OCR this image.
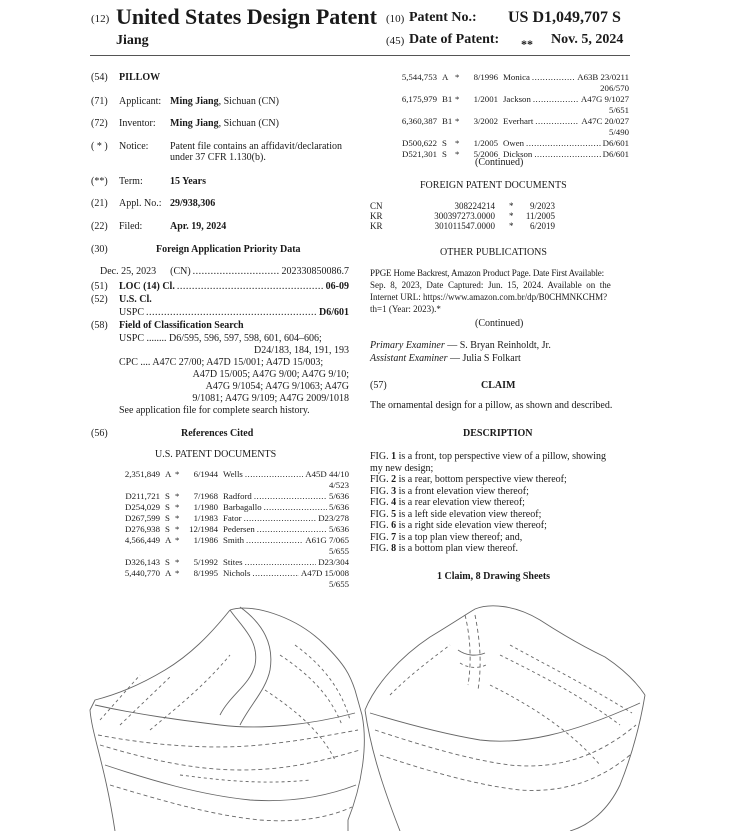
(12) United States Design Patent (10) Patent No.: US D1,049,707 S
Jiang	(45) Date of Patent: ** Nov. 5, 2024
(54) PILLOW
(71) Applicant: Ming Jiang, Sichuan (CN)
(72) Inventor: Ming Jiang, Sichuan (CN)
( * ) Notice: Patent file contains an affidavit/declaration
under 37 CFR 1.130(b).
(**) Term:	15 Years
(21) Appl. No.: 29/938,306
(22) Filed:	Apr. 19, 2024
(30)	Foreign Application Priority Data
Dec. 25, 2023 (CN) .....	202330850086.7
(51) LOC (14) Cl. .....	06-09
(52) U.S. Cl.
USPC .....	D6/601
(58) Field of Classification Search
USPC ........ D6/595, 596, 597, 598, 601, 604–606;
D24/183, 184, 191, 193
CPC .... A47C 27/00; A47D 15/001; A47D 15/003;
A47D 15/005; A47G 9/00; A47G 9/10;
A47G 9/1054; A47G 9/1063; A47G
9/1081; A47G 9/109; A47G 2009/1018
See application file for complete search history.
(56)	References Cited
U.S. PATENT DOCUMENTS
2,351,849 A *	6/1944 Wells .....	A45D 44/10
4/523
D211,721 S *	7/1968 Radford .....	5/636
D254,029 S *	1/1980 Barbagallo .....	5/636
D267,599 S *	1/1983 Fator .....	D23/278
D276,938 S *	12/1984 Pedersen .....	5/636
4,566,449 A *	1/1986 Smith .....	A61G 7/065
5/655
D326,143 S *	5/1992 Stites .....	D23/304
5,440,770 A *	8/1995 Nichols .....	A47D 15/008
5/655
5,544,753 A *	8/1996 Monica .....	A63B 23/0211
206/570
6,175,979 B1 *	1/2001 Jackson .....	A47G 9/1027
5/651
6,360,387 B1 *	3/2002 Everhart .....	A47C 20/027
5/490
D500,622 S *	1/2005 Owen .....	D6/601
D521,301 S *	5/2006 Dickson .....	D6/601
(Continued)
FOREIGN PATENT DOCUMENTS
CN	308224214 *	9/2023
KR	300397273.0000 *	11/2005
KR	301011547.0000 *	6/2019
OTHER PUBLICATIONS
PPGE Home Backrest, Amazon Product Page. Date First Available:
Sep. 8, 2023, Date Captured: Jun. 15, 2024. Available on the
Internet URL: https://www.amazon.com.br/dp/B0CHMNKCHM?
th=1 (Year: 2023).*
(Continued)
Primary Examiner — S. Bryan Reinholdt, Jr.
Assistant Examiner — Julia S Folkart
(57)	CLAIM
The ornamental design for a pillow, as shown and described.
DESCRIPTION
FIG. 1 is a front, top perspective view of a pillow, showing
my new design;
FIG. 2 is a rear, bottom perspective view thereof;
FIG. 3 is a front elevation view thereof;
FIG. 4 is a rear elevation view thereof;
FIG. 5 is a left side elevation view thereof;
FIG. 6 is a right side elevation view thereof;
FIG. 7 is a top plan view thereof; and,
FIG. 8 is a bottom plan view thereof.
1 Claim, 8 Drawing Sheets
